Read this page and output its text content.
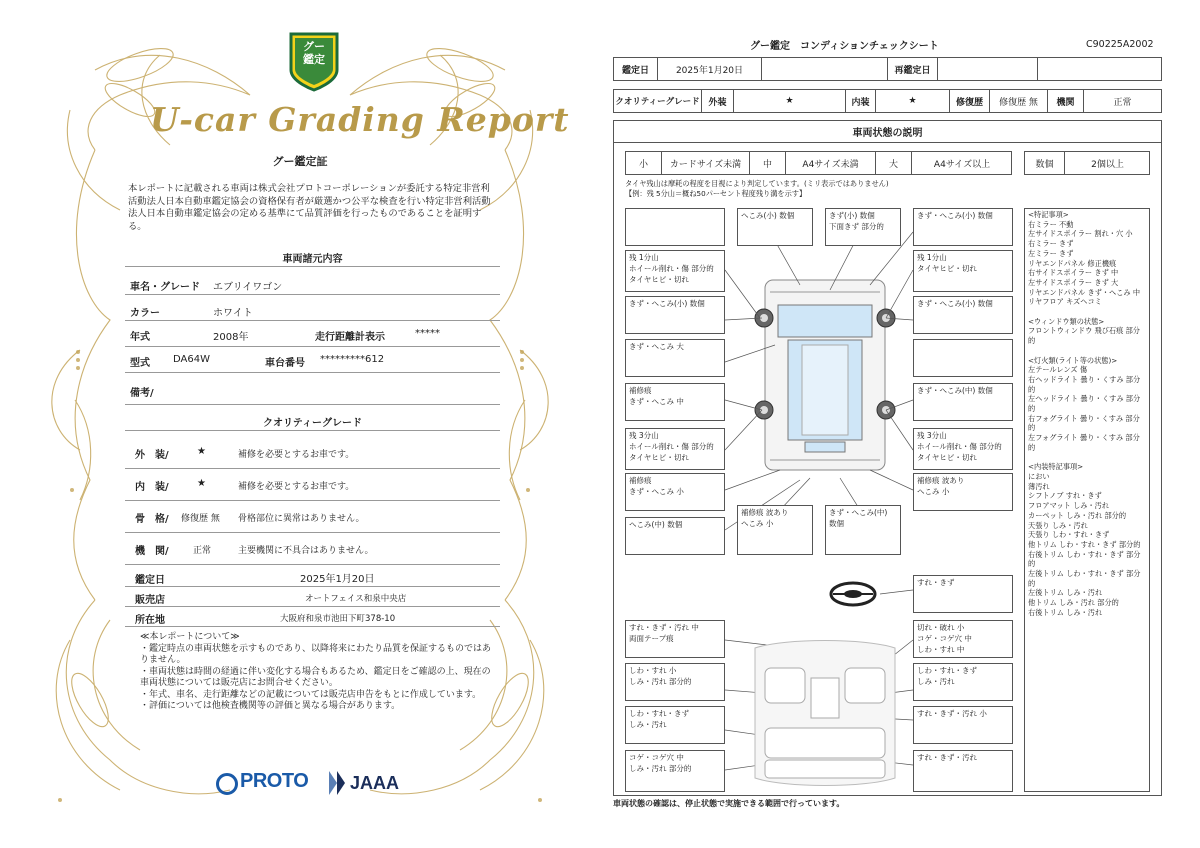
グー
鑑定
U-car Grading Report
グー鑑定証
本レポートに記載される車両は株式会社プロトコーポレーションが委託する特定非営利活動法人日本自動車鑑定協会の資格保有者が厳選かつ公平な検査を行い特定非営利活動法人日本自動車鑑定協会の定める基準にて品質評価を行ったものであることを証明する。
車両諸元内容
車名・グレード エブリイワゴン
カラー	ホワイト
年式	2008年	走行距離計表示	*****
型式 DA64W	車台番号 *********612
備考/
クオリティーグレード
外　装/	★	補修を必要とするお車です。
内　装/	★	補修を必要とするお車です。
骨　格/ 修復歴 無 骨格部位に異常はありません。
機　関/	正常	主要機関に不具合はありません。
鑑定日	2025年1月20日
販売店	オートフェイス和泉中央店
所在地	大阪府和泉市池田下町378-10
≪本レポートについて≫
・鑑定時点の車両状態を示すものであり、以降将来にわたり品質を保証するものではありません。
・車両状態は時間の経過に伴い変化する場合もあるため、鑑定日をご確認の上、現在の車両状態については販売店にお問合せください。
・年式、車名、走行距離などの記載については販売店申告をもとに作成しています。
・評価については他検査機関等の評価と異なる場合があります。
PROTO JAAA
グー鑑定　コンディションチェックシート	C90225A2002
鑑定日	2025年1月20日	再鑑定日
クオリティーグレード 外装	★	内装	★	修復歴	修復歴 無	機関	正常
車両状態の説明
小	カードサイズ未満	中	A4サイズ未満	大	A4サイズ以上	数個	2個以上
タイヤ残山は摩耗の程度を目視により判定しています。(ミリ表示ではありません)
【例：残 5分山＝概ね50パーセント程度残り溝を示す】
へこみ(小) 数個	きず(小) 数個
下面きず 部分的
きず・へこみ(小) 数個
残 1分山
ホイール削れ・傷 部分的
タイヤヒビ・切れ
残 1分山
タイヤヒビ・切れ
きず・へこみ(小) 数個	きず・へこみ(小) 数個
きず・へこみ 大
補修痕
きず・へこみ 中
きず・へこみ(中) 数個
残 3分山
ホイール削れ・傷 部分的
タイヤヒビ・切れ
残 3分山
ホイール削れ・傷 部分的
タイヤヒビ・切れ
補修痕
きず・へこみ 小
補修痕 波あり
へこみ 小
へこみ(中) 数個
補修痕 波あり
へこみ 小
きず・へこみ(中) 数個
すれ・きず
すれ・きず・汚れ 中
両面テープ痕
切れ・破れ 小
コゲ・コゲ穴 中
しわ・すれ 中
しわ・すれ 小
しみ・汚れ 部分的
しわ・すれ・きず
しみ・汚れ
しわ・すれ・きず
しみ・汚れ
すれ・きず・汚れ 小
コゲ・コゲ穴 中
しみ・汚れ 部分的
すれ・きず・汚れ
<特記事項>
右ミラー 不動
左サイドスポイラー 割れ・穴 小
右ミラー きず
左ミラー きず
リヤエンドパネル 修正機痕
右サイドスポイラー きず 中
左サイドスポイラー きず 大
リヤエンドパネル きず・へこみ 中
リヤフロア キズヘコミ

<ウィンドウ類の状態>
フロントウィンドウ 飛び石痕 部分的

<灯火類(ライト等の状態)>
左テールレンズ 傷
右ヘッドライト 曇り・くすみ 部分的
左ヘッドライト 曇り・くすみ 部分的
右フォグライト 曇り・くすみ 部分的
左フォグライト 曇り・くすみ 部分的

<内装特記事項>
におい
薄汚れ
シフトノブ すれ・きず
フロアマット しみ・汚れ
カーペット しみ・汚れ 部分的
天張り しみ・汚れ
天張り しわ・すれ・きず
他トリム しわ・すれ・きず 部分的
右後トリム しわ・すれ・きず 部分的
左後トリム しわ・すれ・きず 部分的
左後トリム しみ・汚れ
他トリム しみ・汚れ 部分的
右後トリム しみ・汚れ
車両状態の確認は、停止状態で実施できる範囲で行っています。
